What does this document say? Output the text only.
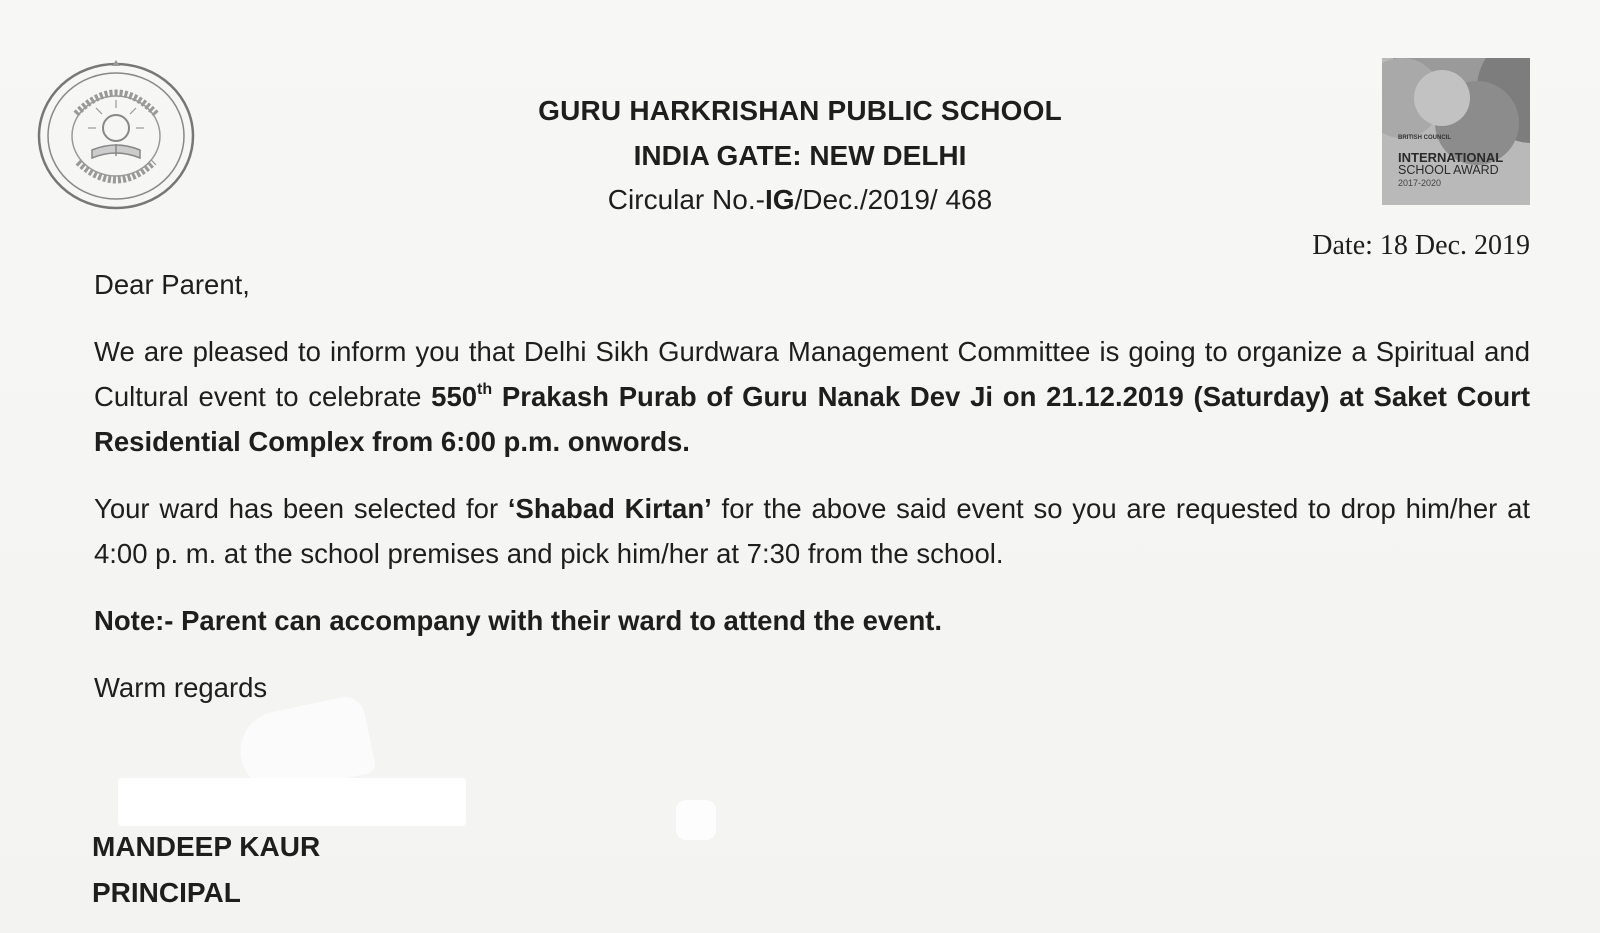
GURU HARKRISHAN PUBLIC SCHOOL
INDIA GATE: NEW DELHI
Circular No.-IG/Dec./2019/ 468
BRITISH COUNCIL
INTERNATIONAL
SCHOOL AWARD
2017-2020
Date: 18 Dec. 2019

Dear Parent,

We are pleased to inform you that Delhi Sikh Gurdwara Management Committee is going to organize a Spiritual and Cultural event to celebrate 550th Prakash Purab of Guru Nanak Dev Ji on 21.12.2019 (Saturday) at Saket Court Residential Complex from 6:00 p.m. onwords.

Your ward has been selected for ‘Shabad Kirtan’ for the above said event so you are requested to drop him/her at 4:00 p. m. at the school premises and pick him/her at 7:30 from the school.

Note:- Parent can accompany with their ward to attend the event.

Warm regards

MANDEEP KAUR
PRINCIPAL
